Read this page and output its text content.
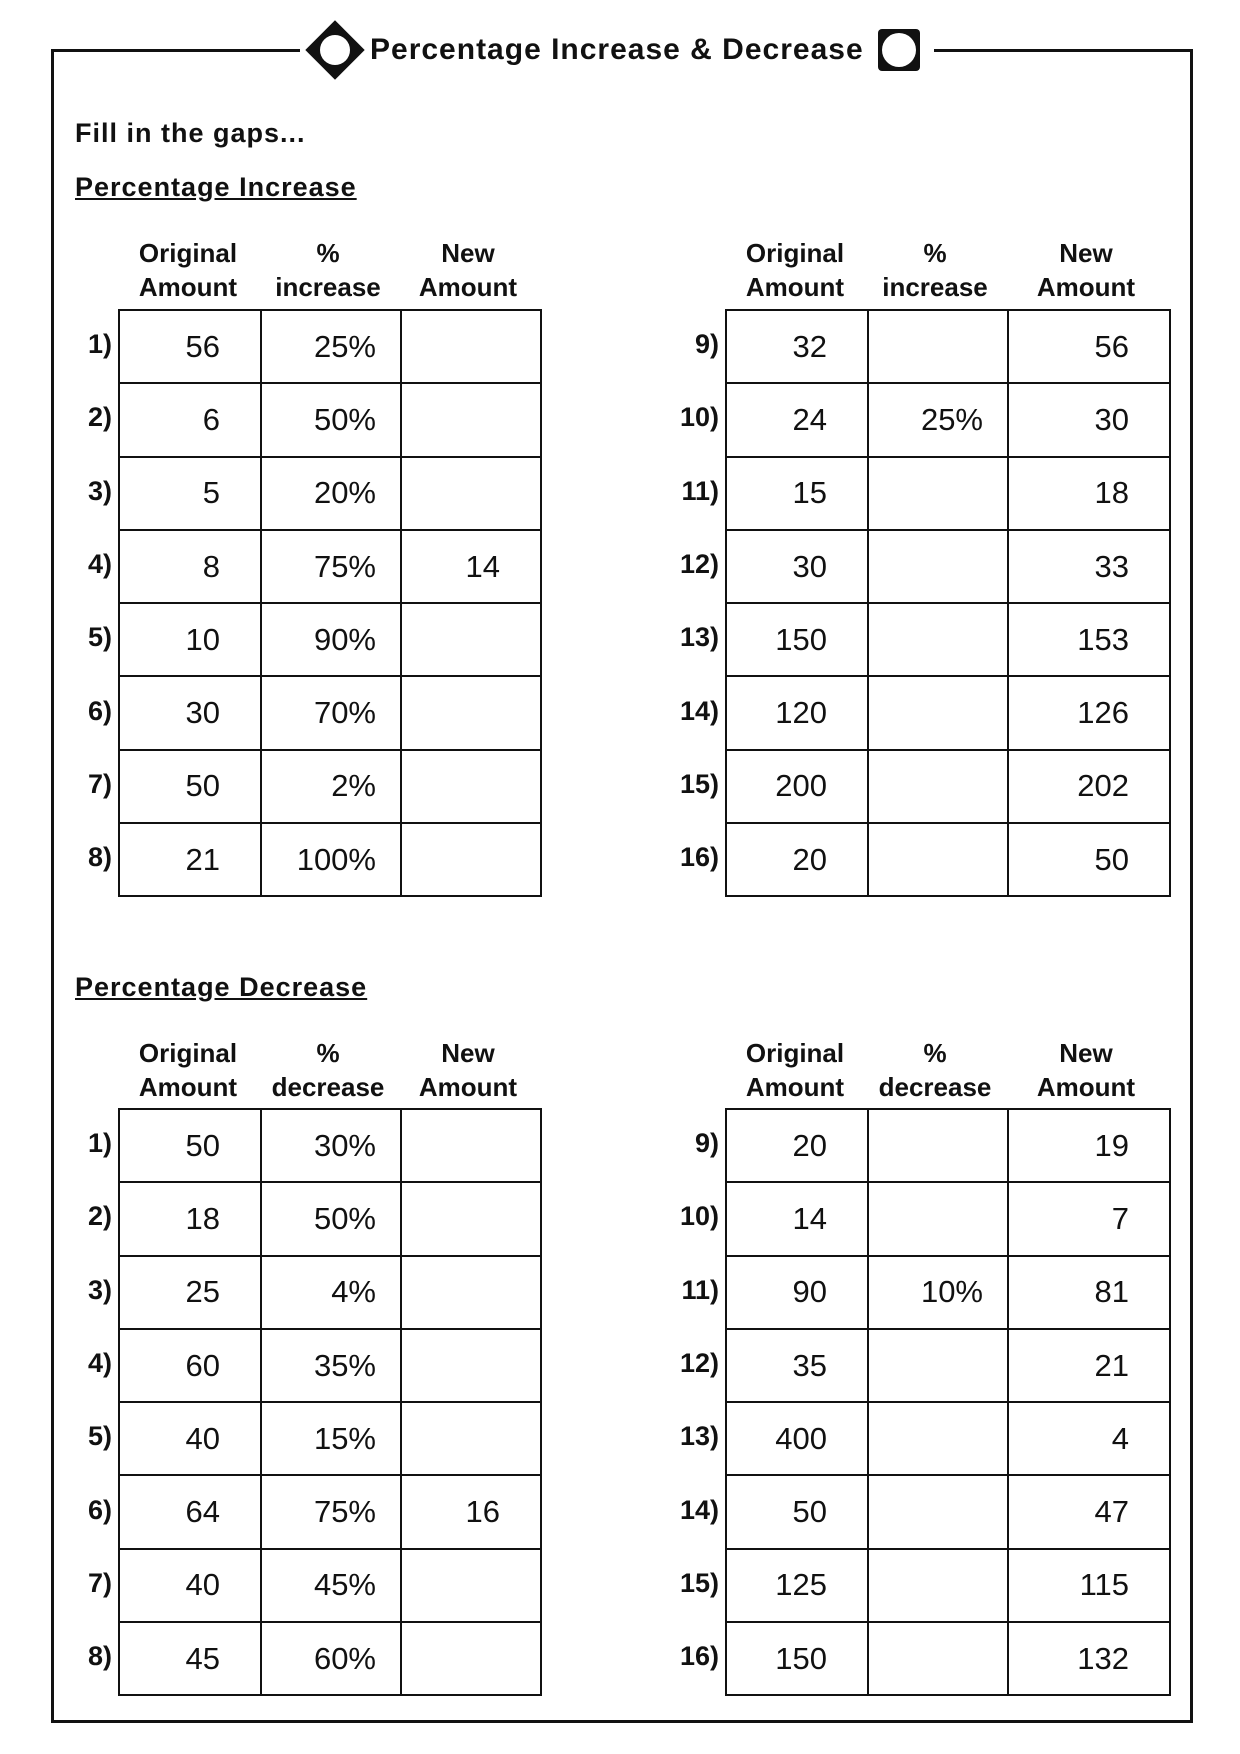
Percentage Increase & Decrease
Fill in the gaps...
Percentage Increase
Original
Amount
%
increase
New
Amount
1)
2)
3)
4)
5)
6)
7)
8)
56	25%	
6	50%	
5	20%	
8	75%	14
10	90%	
30	70%	
50	2%	
21	100%	
Original
Amount
%
increase
New
Amount
9)
10)
11)
12)
13)
14)
15)
16)
32		56
24	25%	30
15		18
30		33
150		153
120		126
200		202
20		50
Percentage Decrease
Original
Amount
%
decrease
New
Amount
1)
2)
3)
4)
5)
6)
7)
8)
50	30%	
18	50%	
25	4%	
60	35%	
40	15%	
64	75%	16
40	45%	
45	60%	
Original
Amount
%
decrease
New
Amount
9)
10)
11)
12)
13)
14)
15)
16)
20		19
14		7
90	10%	81
35		21
400		4
50		47
125		115
150		132
